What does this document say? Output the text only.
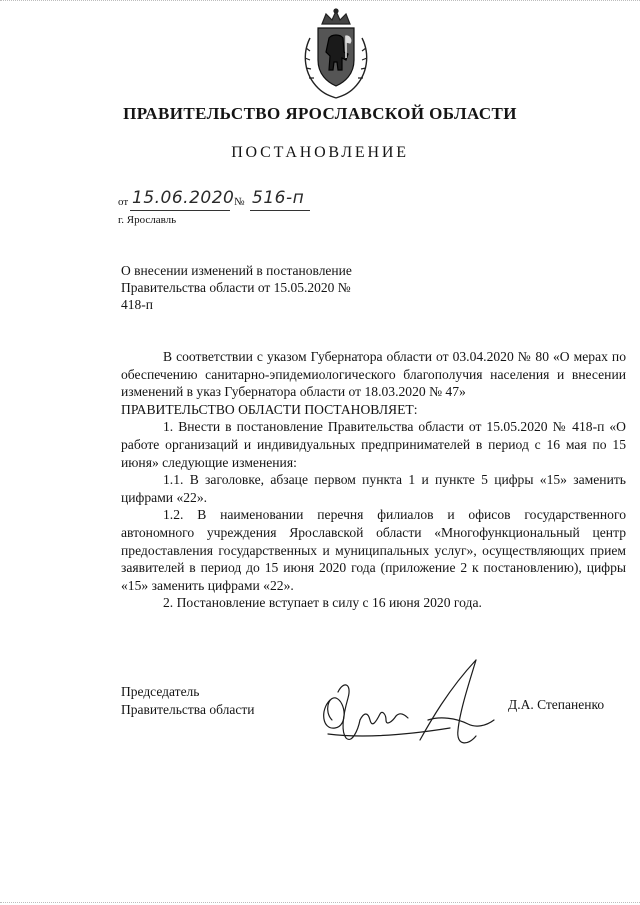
ПРАВИТЕЛЬСТВО ЯРОСЛАВСКОЙ ОБЛАСТИ
ПОСТАНОВЛЕНИЕ
от 15.06.2020 № 516-п
г. Ярославль
О внесении изменений в постановление Правительства области от 15.05.2020 № 418-п

В соответствии с указом Губернатора области от 03.04.2020 № 80 «О мерах по обеспечению санитарно-эпидемиологического благополучия населения и внесении изменений в указ Губернатора области от 18.03.2020 № 47»

ПРАВИТЕЛЬСТВО ОБЛАСТИ ПОСТАНОВЛЯЕТ:

1. Внести в постановление Правительства области от 15.05.2020 № 418-п «О работе организаций и индивидуальных предпринимателей в период с 16 мая по 15 июня» следующие изменения:

1.1. В заголовке, абзаце первом пункта 1 и пункте 5 цифры «15» заменить цифрами «22».

1.2. В наименовании перечня филиалов и офисов государственного автономного учреждения Ярославской области «Многофункциональный центр предоставления государственных и муниципальных услуг», осуществляющих прием заявителей в период до 15 июня 2020 года (приложение 2 к постановлению), цифры «15» заменить цифрами «22».

2. Постановление вступает в силу с 16 июня 2020 года.

Председатель
Правительства области	Д.А. Степаненко
